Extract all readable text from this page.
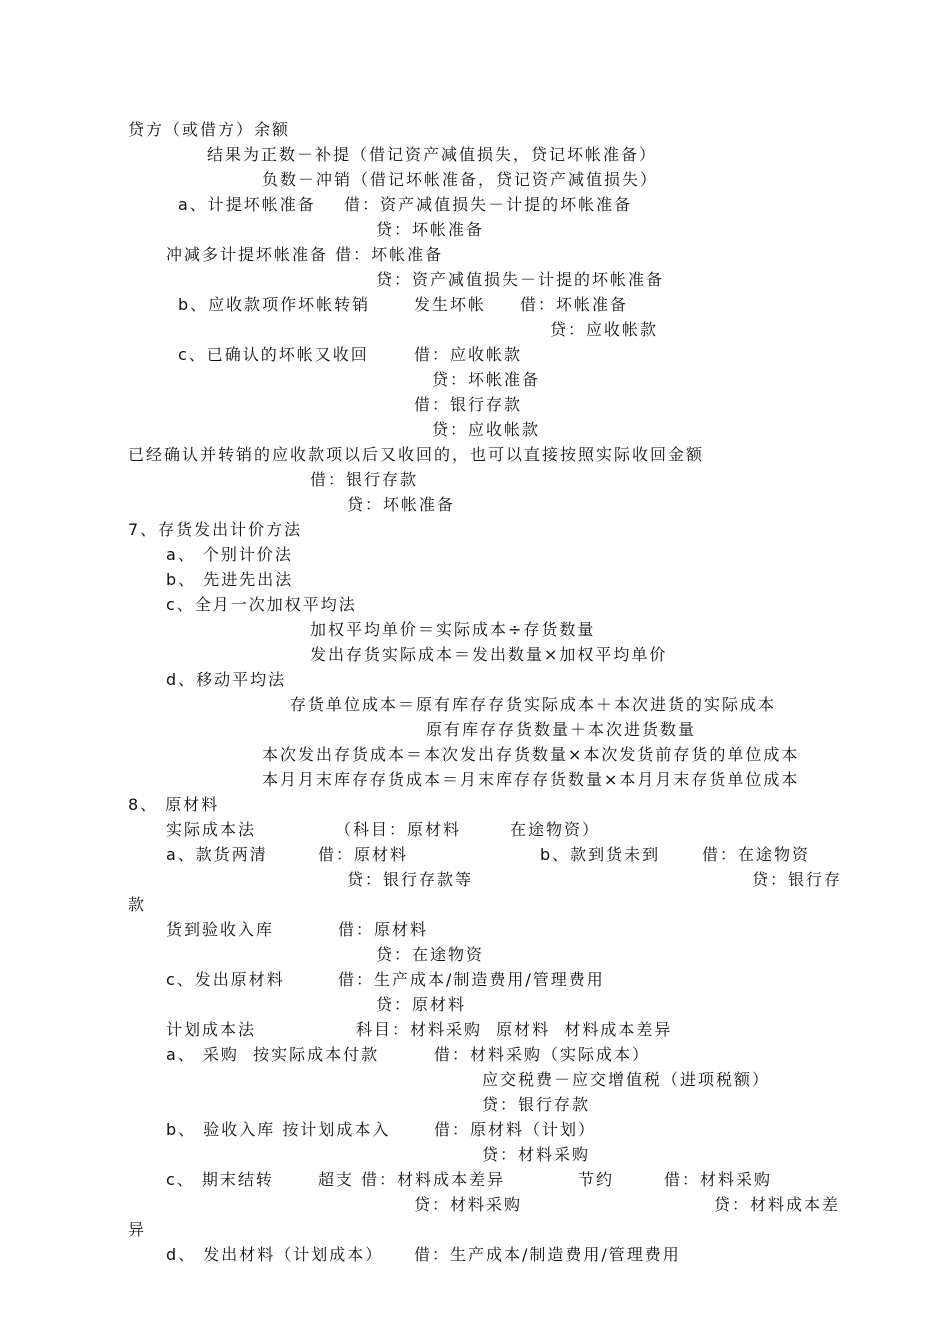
贷方（或借方）余额
结果为正数－补提（借记资产减值损失，贷记坏帐准备）
负数－冲销（借记坏帐准备，贷记资产减值损失）
a、计提坏帐准备    借：资产减值损失－计提的坏帐准备
贷：坏帐准备
冲减多计提坏帐准备 借：坏帐准备
贷：资产减值损失－计提的坏帐准备
b、应收款项作坏帐转销	发生坏帐 借：坏帐准备
贷：应收帐款
c、已确认的坏帐又收回	借：应收帐款
贷：坏帐准备
借：银行存款
贷：应收帐款
已经确认并转销的应收款项以后又收回的，也可以直接按照实际收回金额
借：银行存款
贷：坏帐准备
7、存货发出计价方法
a、 个别计价法
b、 先进先出法
c、全月一次加权平均法
加权平均单价＝实际成本÷存货数量
发出存货实际成本＝发出数量×加权平均单价
d、移动平均法
存货单位成本＝原有库存存货实际成本＋本次进货的实际成本
原有库存存货数量＋本次进货数量
本次发出存货成本＝本次发出存货数量×本次发货前存货的单位成本
本月月末库存存货成本＝月末库存存货数量×本月月末存货单位成本
8、 原材料
实际成本法	（科目：原材料	在途物资）
a、款货两清	借：原材料	b、款到货未到	借：在途物资
贷：银行存款等	贷：银行存
款
货到验收入库	借：原材料
贷：在途物资
c、发出原材料	借：生产成本/制造费用/管理费用
贷：原材料
计划成本法	科目：材料采购  原材料  材料成本差异
a、 采购  按实际成本付款	借：材料采购（实际成本）
应交税费－应交增值税（进项税额）
贷：银行存款
b、 验收入库 按计划成本入	借：原材料（计划）
贷：材料采购
c、 期末结转	超支 借：材料成本差异	节约	借：材料采购
贷：材料采购	贷：材料成本差
异
d、 发出材料（计划成本） 借：生产成本/制造费用/管理费用
